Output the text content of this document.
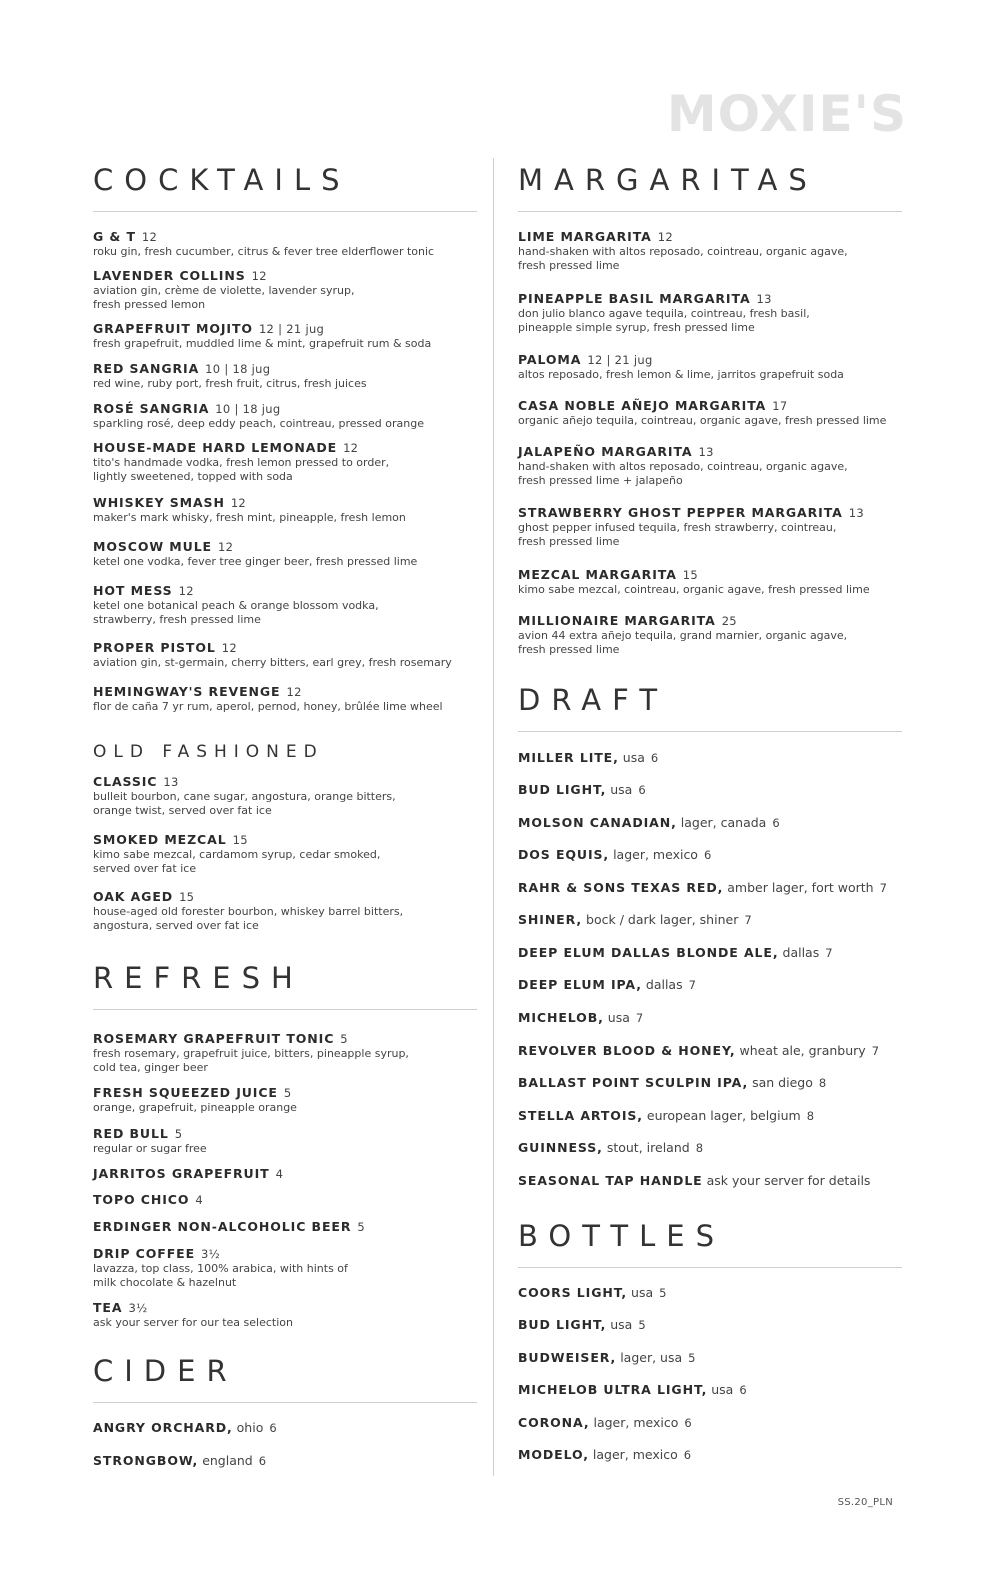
MOXIE'S
COCKTAILS
OLD FASHIONED
REFRESH
CIDER
G & T 12
roku gin, fresh cucumber, citrus & fever tree elderflower tonic
LAVENDER COLLINS 12
aviation gin, crème de violette, lavender syrup,
fresh pressed lemon
GRAPEFRUIT MOJITO 12 | 21 jug
fresh grapefruit, muddled lime & mint, grapefruit rum & soda
RED SANGRIA 10 | 18 jug
red wine, ruby port, fresh fruit, citrus, fresh juices
ROSÉ SANGRIA 10 | 18 jug
sparkling rosé, deep eddy peach, cointreau, pressed orange
HOUSE-MADE HARD LEMONADE 12
tito's handmade vodka, fresh lemon pressed to order,
lightly sweetened, topped with soda
WHISKEY SMASH 12
maker's mark whisky, fresh mint, pineapple, fresh lemon
MOSCOW MULE 12
ketel one vodka, fever tree ginger beer, fresh pressed lime
HOT MESS 12
ketel one botanical peach & orange blossom vodka,
strawberry, fresh pressed lime
PROPER PISTOL 12
aviation gin, st-germain, cherry bitters, earl grey, fresh rosemary
HEMINGWAY'S REVENGE 12
flor de caña 7 yr rum, aperol, pernod, honey, brûlée lime wheel
CLASSIC 13
bulleit bourbon, cane sugar, angostura, orange bitters,
orange twist, served over fat ice
SMOKED MEZCAL 15
kimo sabe mezcal, cardamom syrup, cedar smoked,
served over fat ice
OAK AGED 15
house-aged old forester bourbon, whiskey barrel bitters,
angostura, served over fat ice
ROSEMARY GRAPEFRUIT TONIC 5
fresh rosemary, grapefruit juice, bitters, pineapple syrup,
cold tea, ginger beer
FRESH SQUEEZED JUICE 5
orange, grapefruit, pineapple orange
RED BULL 5
regular or sugar free
JARRITOS GRAPEFRUIT 4
TOPO CHICO 4
ERDINGER NON-ALCOHOLIC BEER 5
DRIP COFFEE 3½
lavazza, top class, 100% arabica, with hints of
milk chocolate & hazelnut
TEA 3½
ask your server for our tea selection
ANGRY ORCHARD, ohio 6
STRONGBOW, england 6
MARGARITAS
DRAFT
BOTTLES
LIME MARGARITA 12
hand-shaken with altos reposado, cointreau, organic agave,
fresh pressed lime
PINEAPPLE BASIL MARGARITA 13
don julio blanco agave tequila, cointreau, fresh basil,
pineapple simple syrup, fresh pressed lime
PALOMA 12 | 21 jug
altos reposado, fresh lemon & lime, jarritos grapefruit soda
CASA NOBLE AÑEJO MARGARITA 17
organic añejo tequila, cointreau, organic agave, fresh pressed lime
JALAPEÑO MARGARITA 13
hand-shaken with altos reposado, cointreau, organic agave,
fresh pressed lime + jalapeño
STRAWBERRY GHOST PEPPER MARGARITA 13
ghost pepper infused tequila, fresh strawberry, cointreau,
fresh pressed lime
MEZCAL MARGARITA 15
kimo sabe mezcal, cointreau, organic agave, fresh pressed lime
MILLIONAIRE MARGARITA 25
avion 44 extra añejo tequila, grand marnier, organic agave,
fresh pressed lime
MILLER LITE, usa 6
BUD LIGHT, usa 6
MOLSON CANADIAN, lager, canada 6
DOS EQUIS, lager, mexico 6
RAHR & SONS TEXAS RED, amber lager, fort worth 7
SHINER, bock / dark lager, shiner 7
DEEP ELUM DALLAS BLONDE ALE, dallas 7
DEEP ELUM IPA, dallas 7
MICHELOB, usa 7
REVOLVER BLOOD & HONEY, wheat ale, granbury 7
BALLAST POINT SCULPIN IPA, san diego 8
STELLA ARTOIS, european lager, belgium 8
GUINNESS, stout, ireland 8
SEASONAL TAP HANDLE ask your server for details
COORS LIGHT, usa 5
BUD LIGHT, usa 5
BUDWEISER, lager, usa 5
MICHELOB ULTRA LIGHT, usa 6
CORONA, lager, mexico 6
MODELO, lager, mexico 6
SS.20_PLN
